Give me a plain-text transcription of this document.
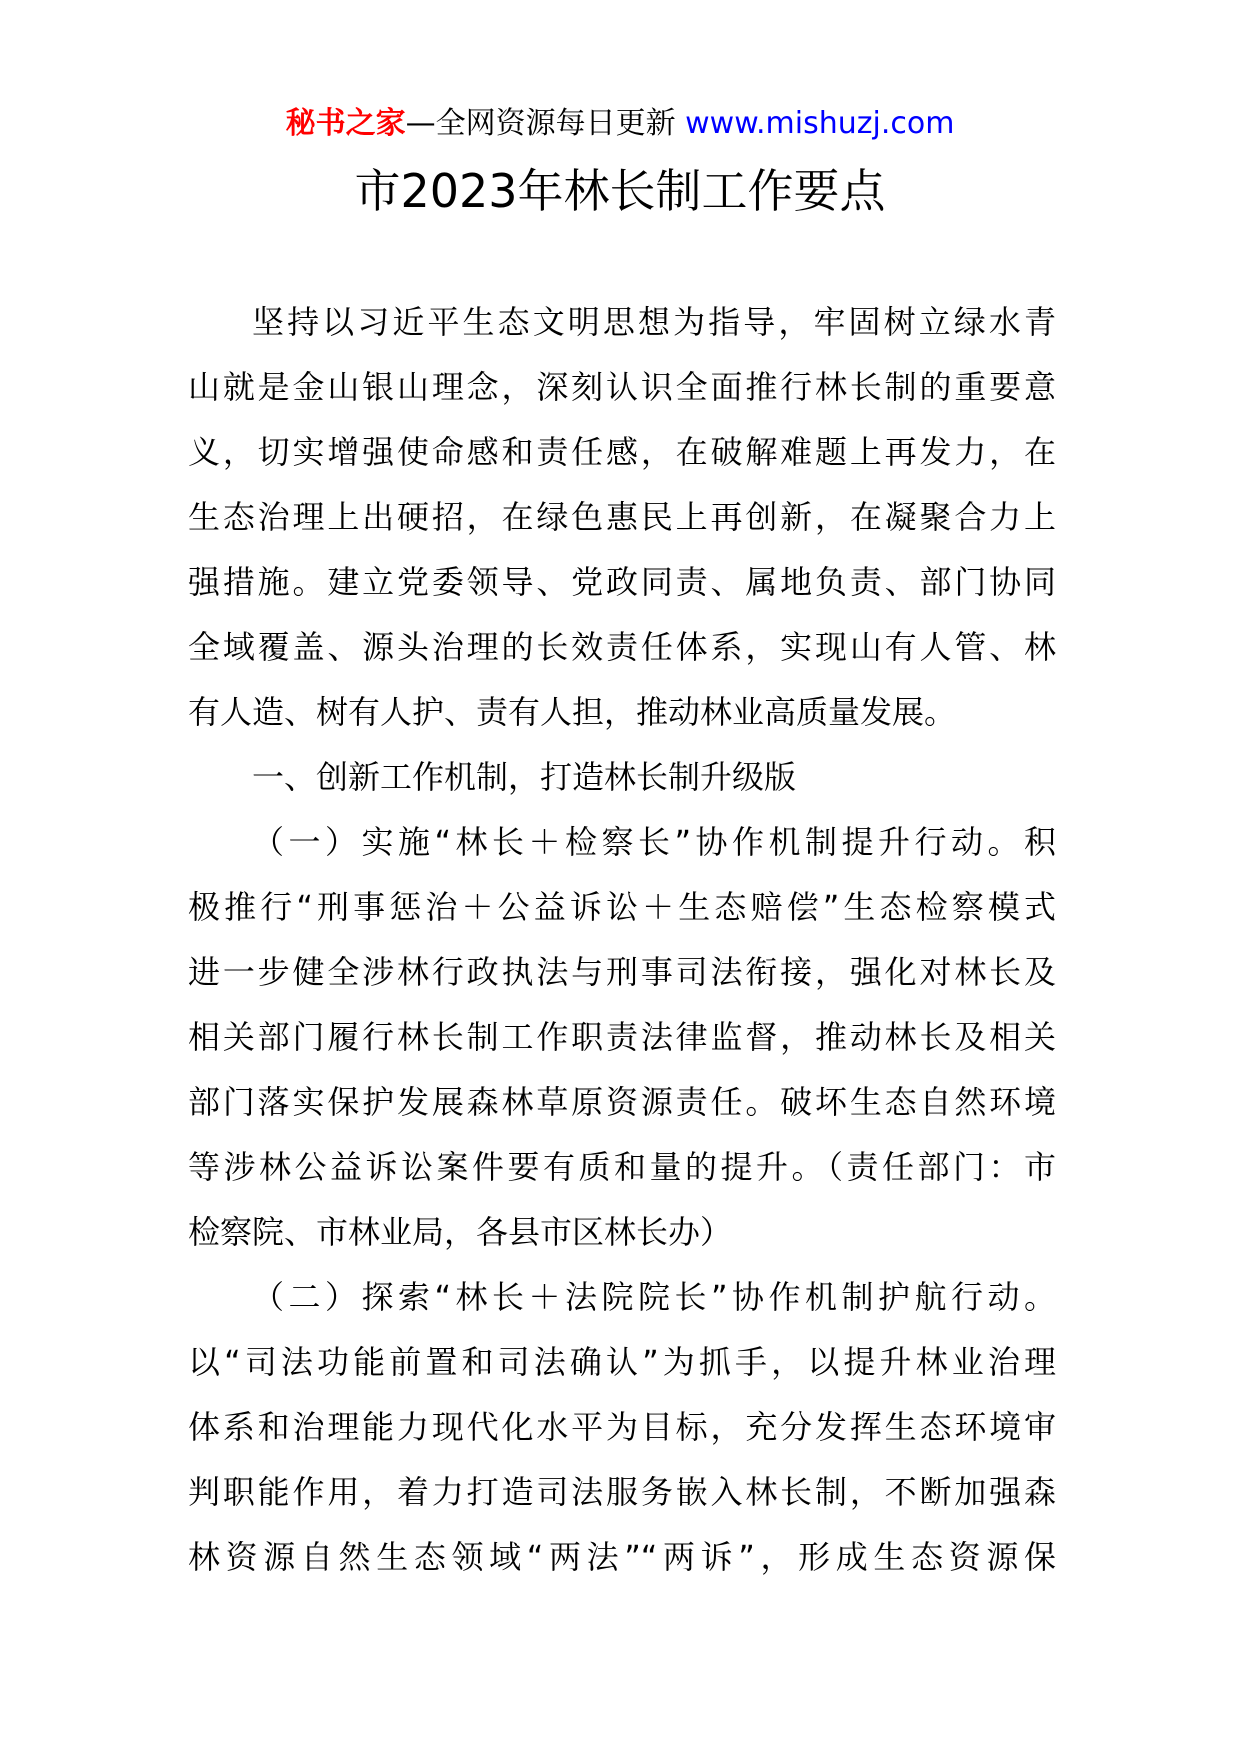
秘书之家—全网资源每日更新 www.mishuzj.com
市2023年林长制工作要点
坚持以习近平生态文明思想为指导，牢固树立绿水青
山就是金山银山理念，深刻认识全面推行林长制的重要意
义，切实增强使命感和责任感，在破解难题上再发力，在
生态治理上出硬招，在绿色惠民上再创新，在凝聚合力上
强措施。建立党委领导、党政同责、属地负责、部门协同
全域覆盖、源头治理的长效责任体系，实现山有人管、林
有人造、树有人护、责有人担，推动林业高质量发展。
一、创新工作机制，打造林长制升级版
（一）实施“林长＋检察长”协作机制提升行动。积
极推行“刑事惩治＋公益诉讼＋生态赔偿”生态检察模式
进一步健全涉林行政执法与刑事司法衔接，强化对林长及
相关部门履行林长制工作职责法律监督，推动林长及相关
部门落实保护发展森林草原资源责任。破坏生态自然环境
等涉林公益诉讼案件要有质和量的提升。（责任部门：市
检察院、市林业局，各县市区林长办）
（二）探索“林长＋法院院长”协作机制护航行动。
以“司法功能前置和司法确认”为抓手，以提升林业治理
体系和治理能力现代化水平为目标，充分发挥生态环境审
判职能作用，着力打造司法服务嵌入林长制，不断加强森
林资源自然生态领域“两法”“两诉”，形成生态资源保
